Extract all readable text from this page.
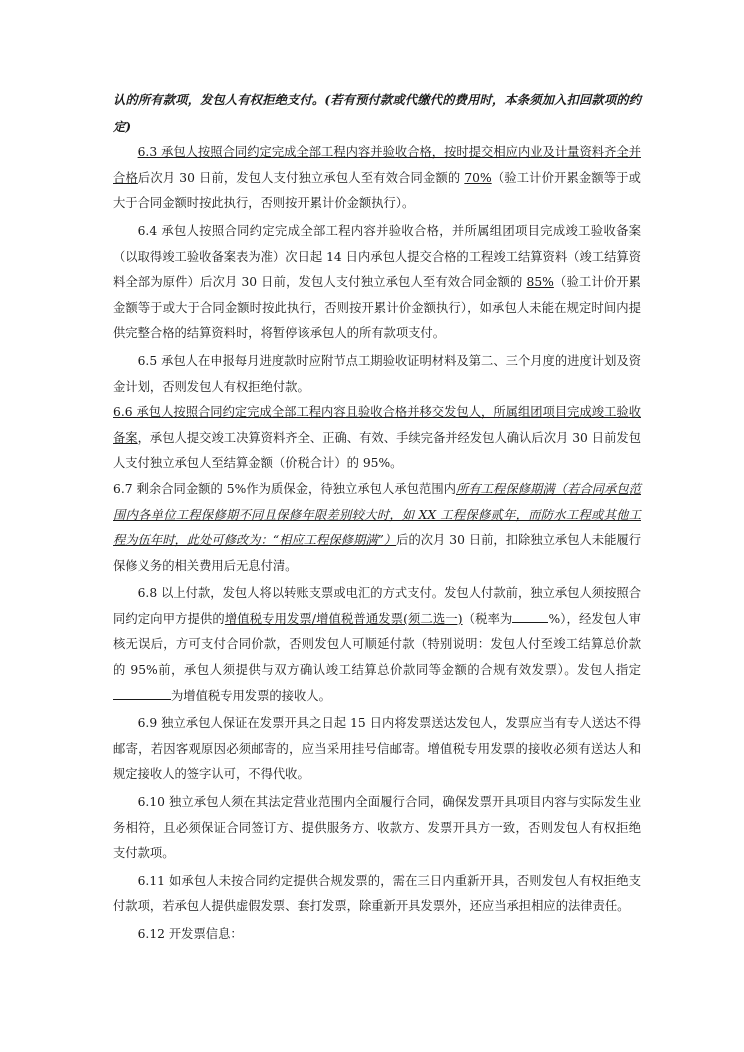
认的所有款项，发包人有权拒绝支付。(若有预付款或代缴代的费用时，本条须加入扣回款项的约定)

6.3 承包人按照合同约定完成全部工程内容并验收合格，按时提交相应内业及计量资料齐全并合格后次月 30 日前，发包人支付独立承包人至有效合同金额的 70%（验工计价开累金额等于或大于合同金额时按此执行，否则按开累计价金额执行）。

6.4 承包人按照合同约定完成全部工程内容并验收合格，并所属组团项目完成竣工验收备案（以取得竣工验收备案表为准）次日起 14 日内承包人提交合格的工程竣工结算资料（竣工结算资料全部为原件）后次月 30 日前，发包人支付独立承包人至有效合同金额的 85%（验工计价开累金额等于或大于合同金额时按此执行，否则按开累计价金额执行），如承包人未能在规定时间内提供完整合格的结算资料时，将暂停该承包人的所有款项支付。

6.5 承包人在申报每月进度款时应附节点工期验收证明材料及第二、三个月度的进度计划及资金计划，否则发包人有权拒绝付款。

6.6 承包人按照合同约定完成全部工程内容且验收合格并移交发包人，所属组团项目完成竣工验收备案，承包人提交竣工决算资料齐全、正确、有效、手续完备并经发包人确认后次月 30 日前发包人支付独立承包人至结算金额（价税合计）的 95%。

6.7 剩余合同金额的 5%作为质保金，待独立承包人承包范围内所有工程保修期满（若合同承包范围内各单位工程保修期不同且保修年限差别较大时，如 XX 工程保修贰年，而防水工程或其他工程为伍年时，此处可修改为：“相应工程保修期满”）后的次月 30 日前，扣除独立承包人未能履行保修义务的相关费用后无息付清。

6.8 以上付款，发包人将以转账支票或电汇的方式支付。发包人付款前，独立承包人须按照合同约定向甲方提供的增值税专用发票/增值税普通发票(须二选一)（税率为	%），经发包人审核无误后，方可支付合同价款，否则发包人可顺延付款（特别说明：发包人付至竣工结算总价款的 95%前，承包人须提供与双方确认竣工结算总价款同等金额的合规有效发票）。发包人指定为增值税专用发票的接收人。

6.9 独立承包人保证在发票开具之日起 15 日内将发票送达发包人，发票应当有专人送达不得邮寄，若因客观原因必须邮寄的，应当采用挂号信邮寄。增值税专用发票的接收必须有送达人和规定接收人的签字认可，不得代收。

6.10 独立承包人须在其法定营业范围内全面履行合同，确保发票开具项目内容与实际发生业务相符，且必须保证合同签订方、提供服务方、收款方、发票开具方一致，否则发包人有权拒绝支付款项。

6.11 如承包人未按合同约定提供合规发票的，需在三日内重新开具，否则发包人有权拒绝支付款项，若承包人提供虚假发票、套打发票，除重新开具发票外，还应当承担相应的法律责任。

6.12 开发票信息：
